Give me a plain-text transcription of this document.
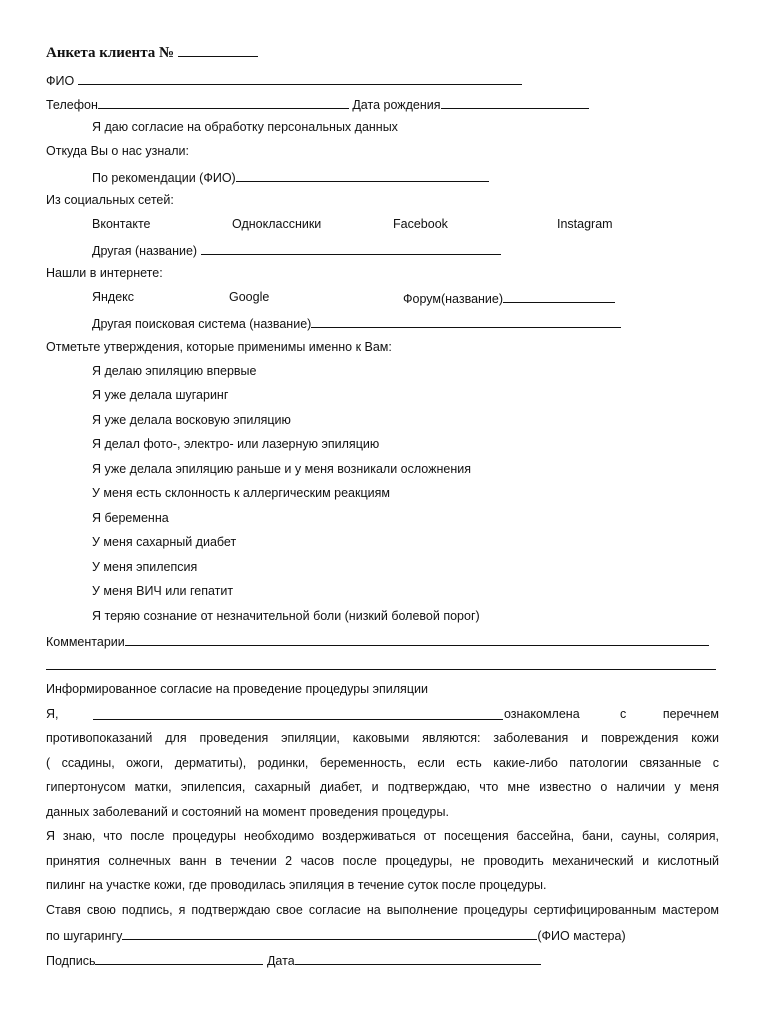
Анкета клиента №
ФИО
Телефон	Дата рождения
Я даю согласие на обработку персональных данных
Откуда Вы о нас узнали:
По рекомендации (ФИО)
Из социальных сетей:
Вконтакте	Одноклассники	Facebook	Instagram
Другая (название)
Нашли в интернете:
Яндекс	Google	Форум(название)
Другая поисковая система (название)
Отметьте утверждения, которые применимы именно к Вам:
Я делаю эпиляцию впервые
Я уже делала шугаринг
Я уже делала восковую эпиляцию
Я делал фото-, электро- или лазерную эпиляцию
Я уже делала эпиляцию раньше и у меня возникали осложнения
У меня есть склонность к аллергическим реакциям
Я беременна
У меня сахарный диабет
У меня эпилепсия
У меня ВИЧ или гепатит
Я теряю сознание от незначительной боли (низкий болевой порог)
Комментарии
Информированное согласие на проведение процедуры эпиляции
Я,	ознакомлена	с	перечнем
противопоказаний для проведения эпиляции, каковыми являются: заболевания и повреждения кожи
( ссадины, ожоги, дерматиты), родинки, беременность, если есть какие-либо патологии связанные с
гипертонусом матки, эпилепсия, сахарный диабет, и подтверждаю, что мне известно о наличии у меня
данных заболеваний и состояний на момент проведения процедуры.
Я знаю, что после процедуры необходимо воздерживаться от посещения бассейна, бани, сауны, солярия,
принятия солнечных ванн в течении 2 часов после процедуры, не проводить механический и кислотный
пилинг на участке кожи, где проводилась эпиляция в течение суток после процедуры.
Ставя свою подпись, я подтверждаю свое согласие на выполнение процедуры сертифицированным мастером
по шугарингу	(ФИО мастера)
Подпись	Дата
